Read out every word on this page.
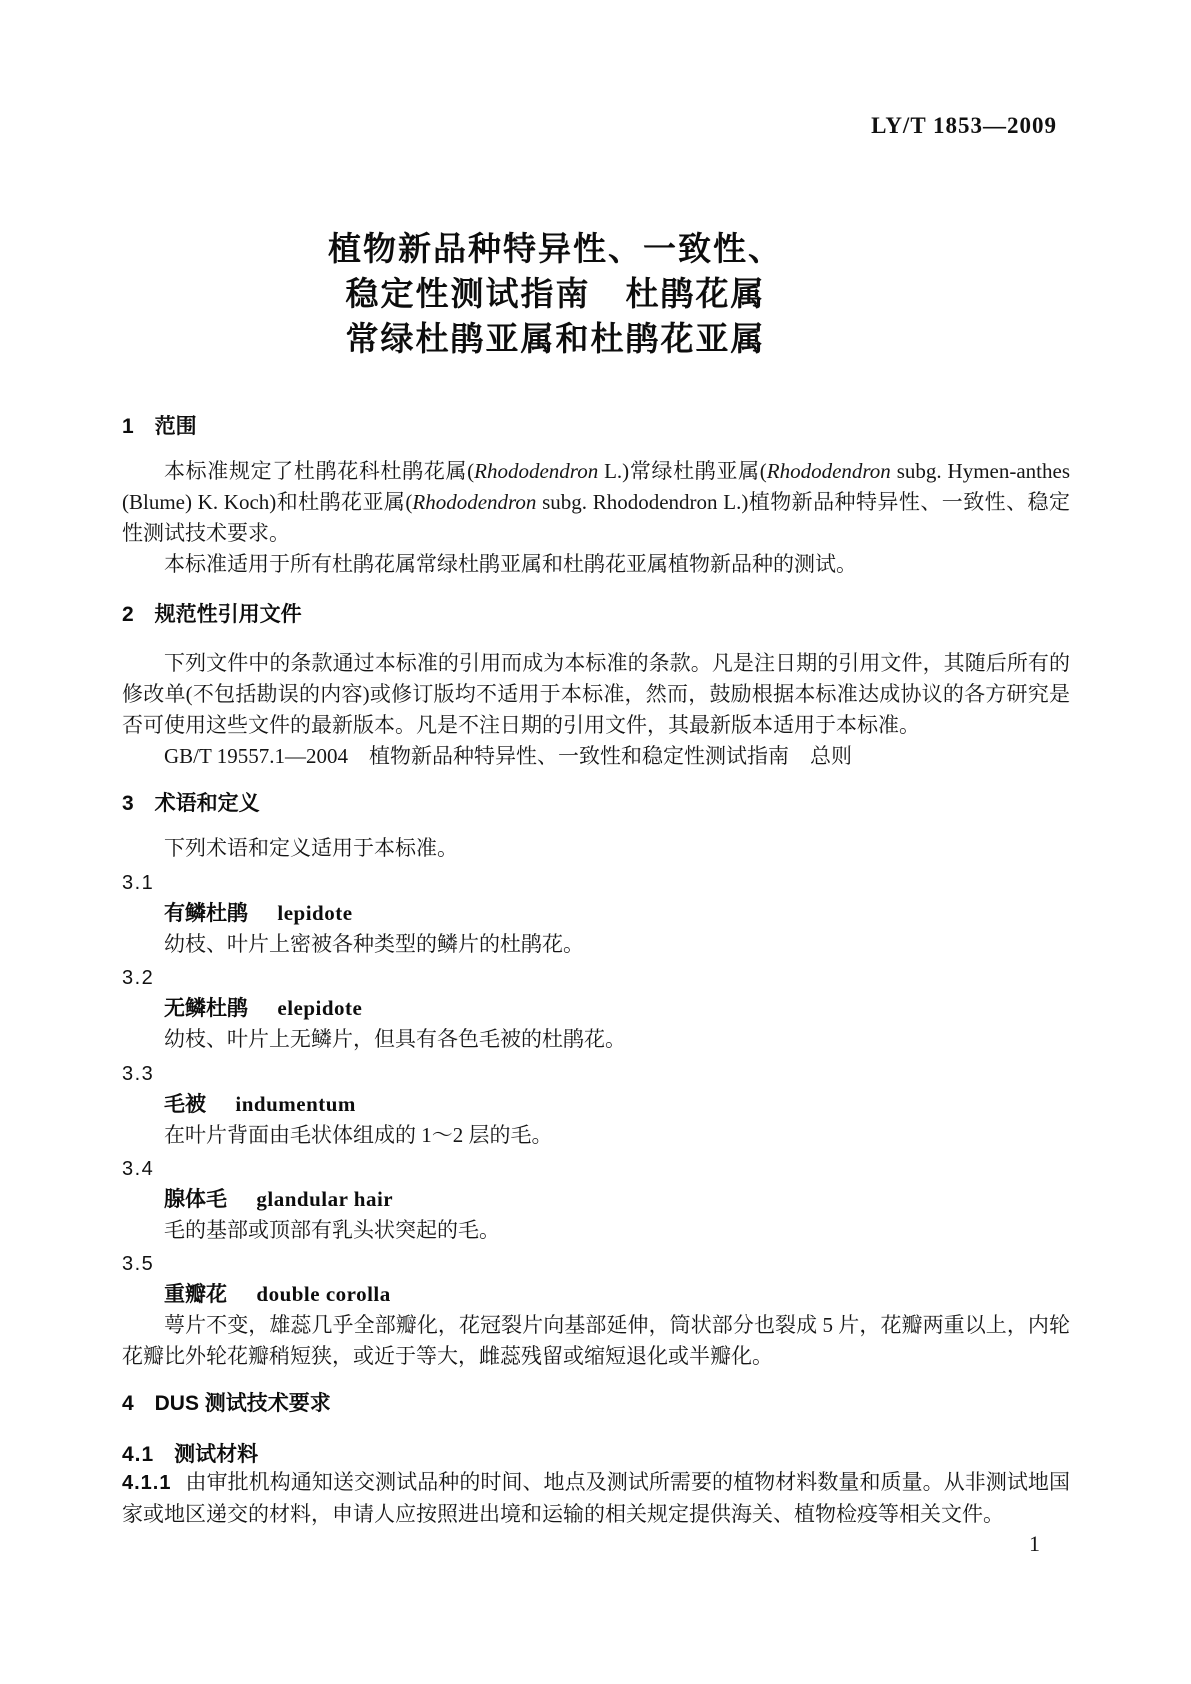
LY/T 1853—2009
植物新品种特异性、一致性、
稳定性测试指南　杜鹃花属
常绿杜鹃亚属和杜鹃花亚属
1 范围

本标准规定了杜鹃花科杜鹃花属(Rhododendron L.)常绿杜鹃亚属(Rhododendron subg. Hymen-anthes (Blume) K. Koch)和杜鹃花亚属(Rhododendron subg. Rhododendron L.)植物新品种特异性、一致性、稳定性测试技术要求。

本标准适用于所有杜鹃花属常绿杜鹃亚属和杜鹃花亚属植物新品种的测试。

2 规范性引用文件

下列文件中的条款通过本标准的引用而成为本标准的条款。凡是注日期的引用文件，其随后所有的修改单(不包括勘误的内容)或修订版均不适用于本标准，然而，鼓励根据本标准达成协议的各方研究是否可使用这些文件的最新版本。凡是不注日期的引用文件，其最新版本适用于本标准。

GB/T 19557.1—2004　植物新品种特异性、一致性和稳定性测试指南　总则

3 术语和定义

下列术语和定义适用于本标准。

3.1
有鳞杜鹃 lepidote

幼枝、叶片上密被各种类型的鳞片的杜鹃花。

3.2
无鳞杜鹃 elepidote

幼枝、叶片上无鳞片，但具有各色毛被的杜鹃花。

3.3
毛被 indumentum

在叶片背面由毛状体组成的 1～2 层的毛。

3.4
腺体毛 glandular hair

毛的基部或顶部有乳头状突起的毛。

3.5
重瓣花 double corolla

萼片不变，雄蕊几乎全部瓣化，花冠裂片向基部延伸，筒状部分也裂成 5 片，花瓣两重以上，内轮花瓣比外轮花瓣稍短狭，或近于等大，雌蕊残留或缩短退化或半瓣化。

4 DUS 测试技术要求
4.1 测试材料

4.1.1 由审批机构通知送交测试品种的时间、地点及测试所需要的植物材料数量和质量。从非测试地国家或地区递交的材料，申请人应按照进出境和运输的相关规定提供海关、植物检疫等相关文件。

1
